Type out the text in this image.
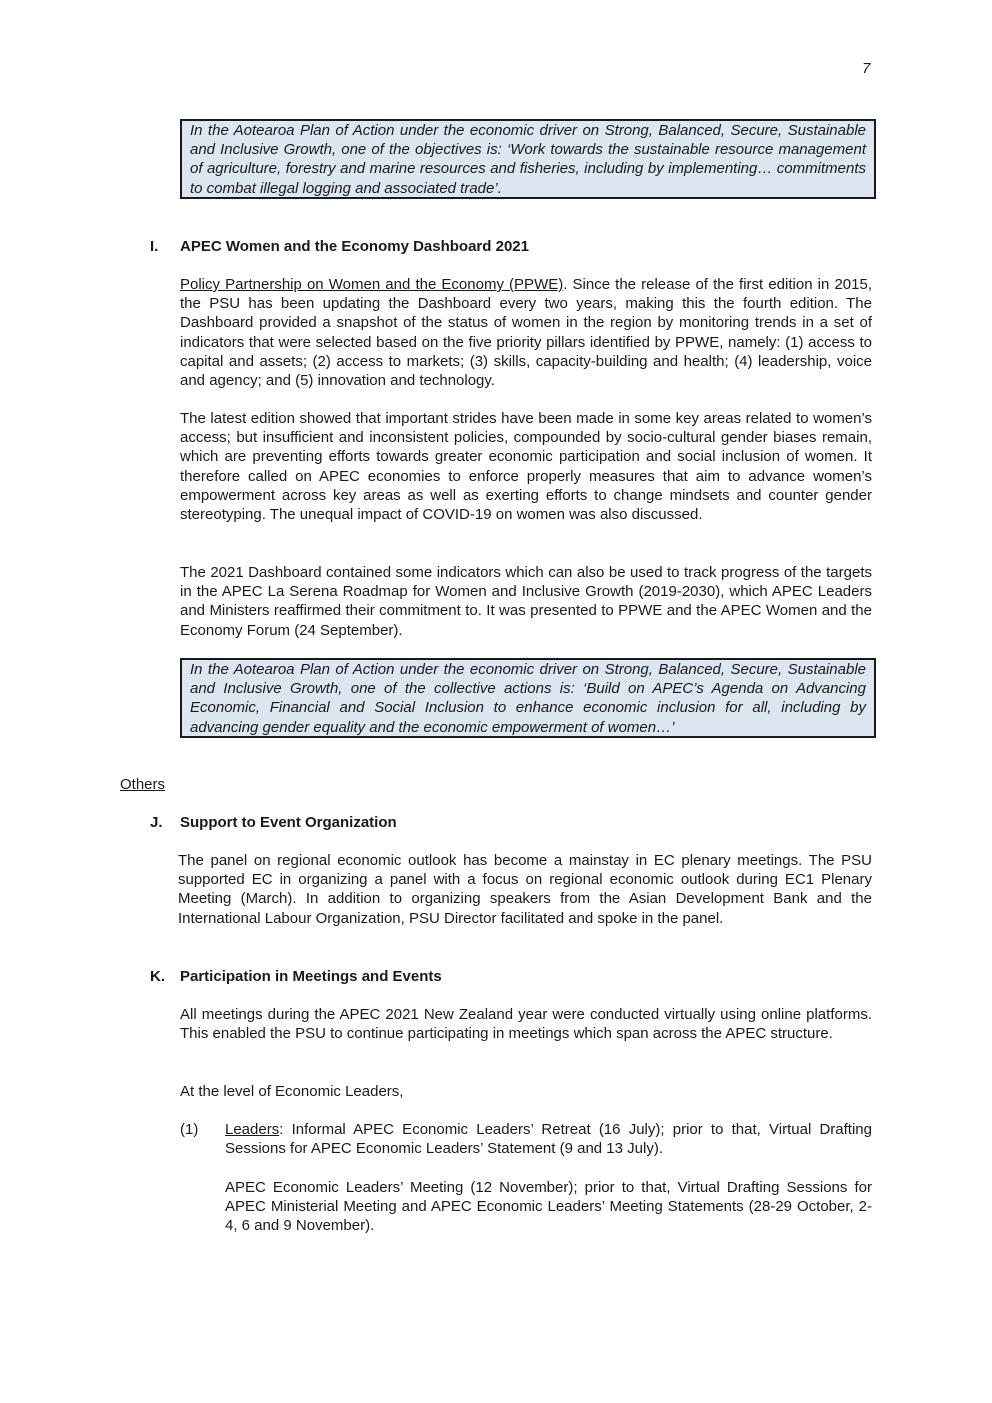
7
In the Aotearoa Plan of Action under the economic driver on Strong, Balanced, Secure, Sustainable and Inclusive Growth, one of the objectives is: ‘Work towards the sustainable resource management of agriculture, forestry and marine resources and fisheries, including by implementing… commitments to combat illegal logging and associated trade’.
I. APEC Women and the Economy Dashboard 2021

Policy Partnership on Women and the Economy (PPWE). Since the release of the first edition in 2015, the PSU has been updating the Dashboard every two years, making this the fourth edition. The Dashboard provided a snapshot of the status of women in the region by monitoring trends in a set of indicators that were selected based on the five priority pillars identified by PPWE, namely: (1) access to capital and assets; (2) access to markets; (3) skills, capacity-building and health; (4) leadership, voice and agency; and (5) innovation and technology.

The latest edition showed that important strides have been made in some key areas related to women’s access; but insufficient and inconsistent policies, compounded by socio-cultural gender biases remain, which are preventing efforts towards greater economic participation and social inclusion of women. It therefore called on APEC economies to enforce properly measures that aim to advance women’s empowerment across key areas as well as exerting efforts to change mindsets and counter gender stereotyping. The unequal impact of COVID-19 on women was also discussed.

The 2021 Dashboard contained some indicators which can also be used to track progress of the targets in the APEC La Serena Roadmap for Women and Inclusive Growth (2019-2030), which APEC Leaders and Ministers reaffirmed their commitment to. It was presented to PPWE and the APEC Women and the Economy Forum (24 September).

In the Aotearoa Plan of Action under the economic driver on Strong, Balanced, Secure, Sustainable and Inclusive Growth, one of the collective actions is: ‘Build on APEC’s Agenda on Advancing Economic, Financial and Social Inclusion to enhance economic inclusion for all, including by advancing gender equality and the economic empowerment of women…’
Others
J. Support to Event Organization

The panel on regional economic outlook has become a mainstay in EC plenary meetings. The PSU supported EC in organizing a panel with a focus on regional economic outlook during EC1 Plenary Meeting (March). In addition to organizing speakers from the Asian Development Bank and the International Labour Organization, PSU Director facilitated and spoke in the panel.

K. Participation in Meetings and Events

All meetings during the APEC 2021 New Zealand year were conducted virtually using online platforms. This enabled the PSU to continue participating in meetings which span across the APEC structure.

At the level of Economic Leaders,

(1) Leaders: Informal APEC Economic Leaders’ Retreat (16 July); prior to that, Virtual Drafting Sessions for APEC Economic Leaders’ Statement (9 and 13 July).

APEC Economic Leaders’ Meeting (12 November); prior to that, Virtual Drafting Sessions for APEC Ministerial Meeting and APEC Economic Leaders’ Meeting Statements (28-29 October, 2-4, 6 and 9 November).
